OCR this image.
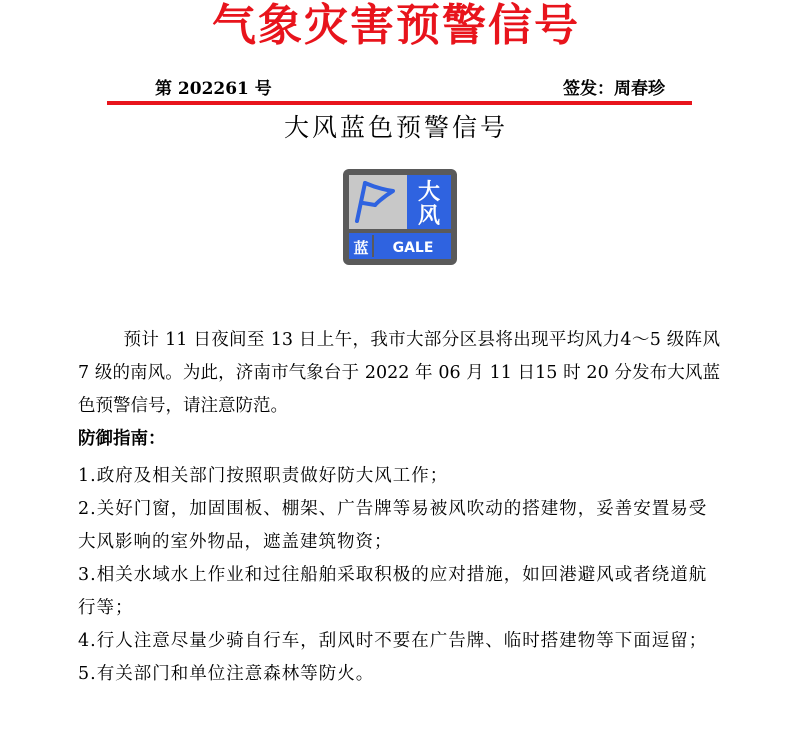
气象灾害预警信号
第 202261 号	签发：周春珍
大风蓝色预警信号
大
风
蓝 GALE

预计 11 日夜间至 13 日上午，我市大部分区县将出现平均风力4～5 级阵风 7 级的南风。为此，济南市气象台于 2022 年 06 月 11 日15 时 20 分发布大风蓝色预警信号，请注意防范。

防御指南：

1.政府及相关部门按照职责做好防大风工作；

2.关好门窗，加固围板、棚架、广告牌等易被风吹动的搭建物，妥善安置易受大风影响的室外物品，遮盖建筑物资；

3.相关水域水上作业和过往船舶采取积极的应对措施，如回港避风或者绕道航行等；

4.行人注意尽量少骑自行车，刮风时不要在广告牌、临时搭建物等下面逗留；

5.有关部门和单位注意森林等防火。
